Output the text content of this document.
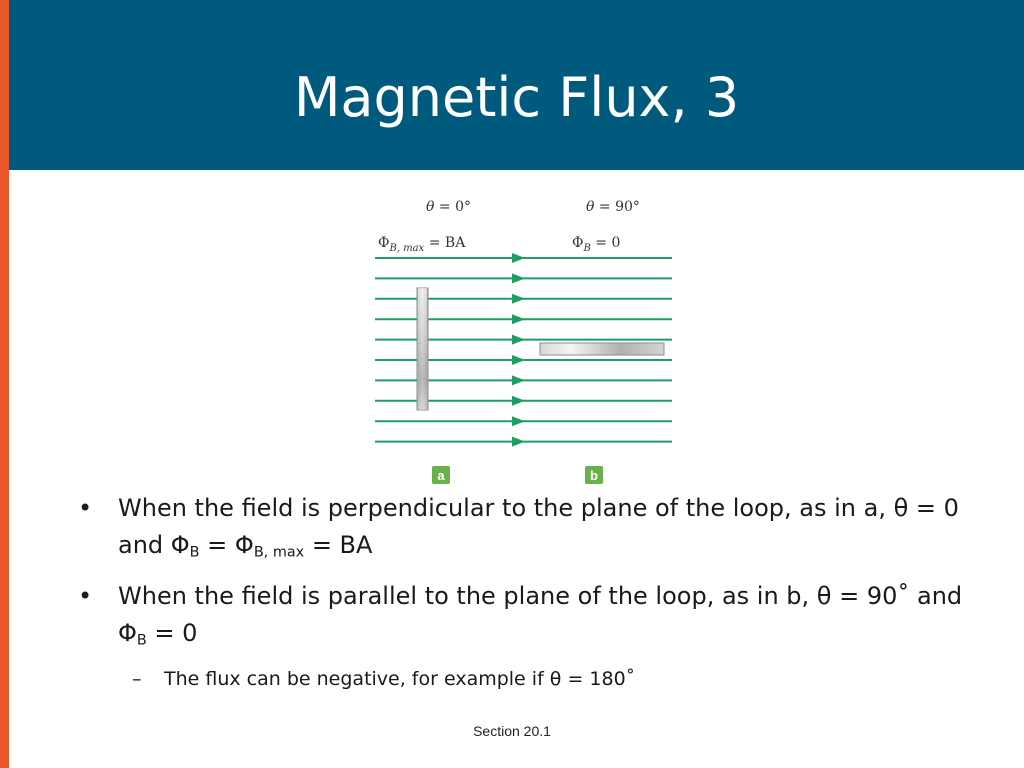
Magnetic Flux, 3
θ = 0°	θ = 90°
$\Phi_{B, max}$ = BA	$\Phi_B = 0$
a	b
• When the field is perpendicular to the plane of the loop, as in a, θ = 0 and $\Phi_B = \Phi_{B, max}$ = BA
• When the field is parallel to the plane of the loop, as in b, θ = 90˚ and $\Phi_B = 0$
– The flux can be negative, for example if θ = 180˚
Section 20.1
